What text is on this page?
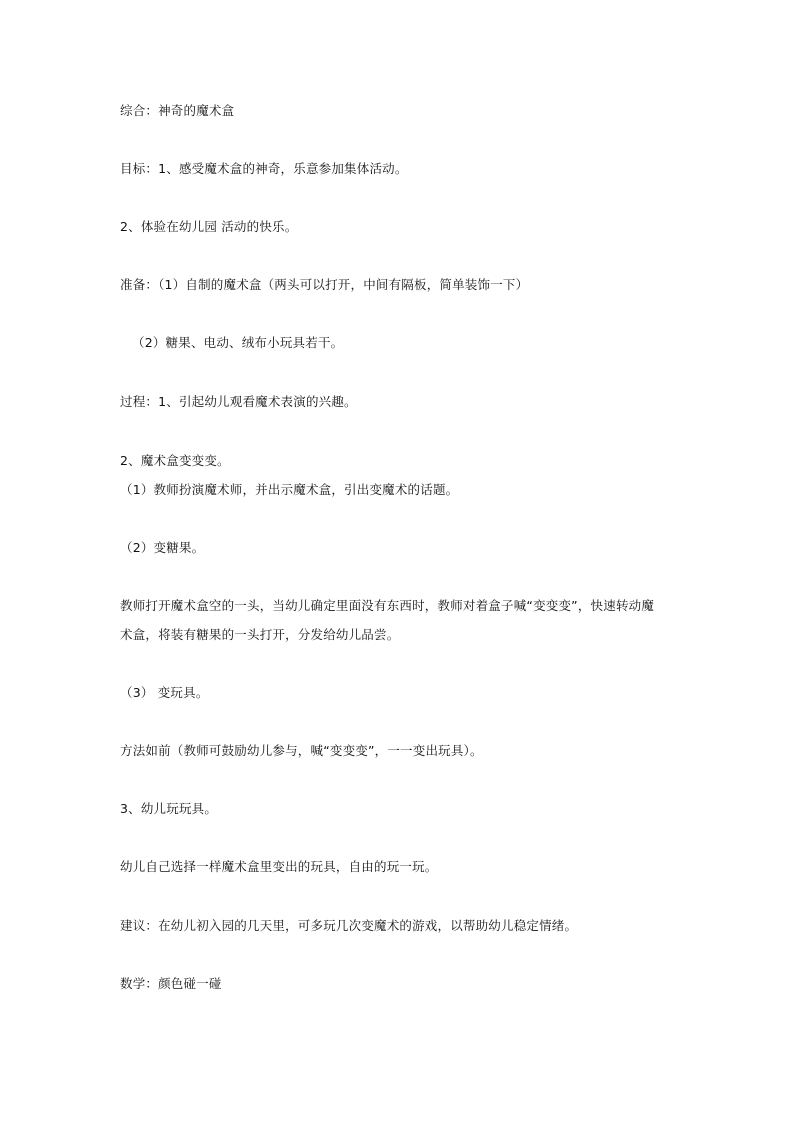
综合：神奇的魔术盒
目标：1、感受魔术盒的神奇，乐意参加集体活动。
2、体验在幼儿园 活动的快乐。
准备：（1）自制的魔术盒（两头可以打开，中间有隔板，简单装饰一下）
（2）糖果、电动、绒布小玩具若干。
过程：1、引起幼儿观看魔术表演的兴趣。
2、魔术盒变变变。
（1）教师扮演魔术师，并出示魔术盒，引出变魔术的话题。
（2）变糖果。
教师打开魔术盒空的一头，当幼儿确定里面没有东西时，教师对着盒子喊“变变变”，快速转动魔
术盒，将装有糖果的一头打开，分发给幼儿品尝。
（3） 变玩具。
方法如前（教师可鼓励幼儿参与，喊“变变变”，一一变出玩具）。
3、幼儿玩玩具。
幼儿自己选择一样魔术盒里变出的玩具，自由的玩一玩。
建议：在幼儿初入园的几天里，可多玩几次变魔术的游戏，以帮助幼儿稳定情绪。
数学：颜色碰一碰
